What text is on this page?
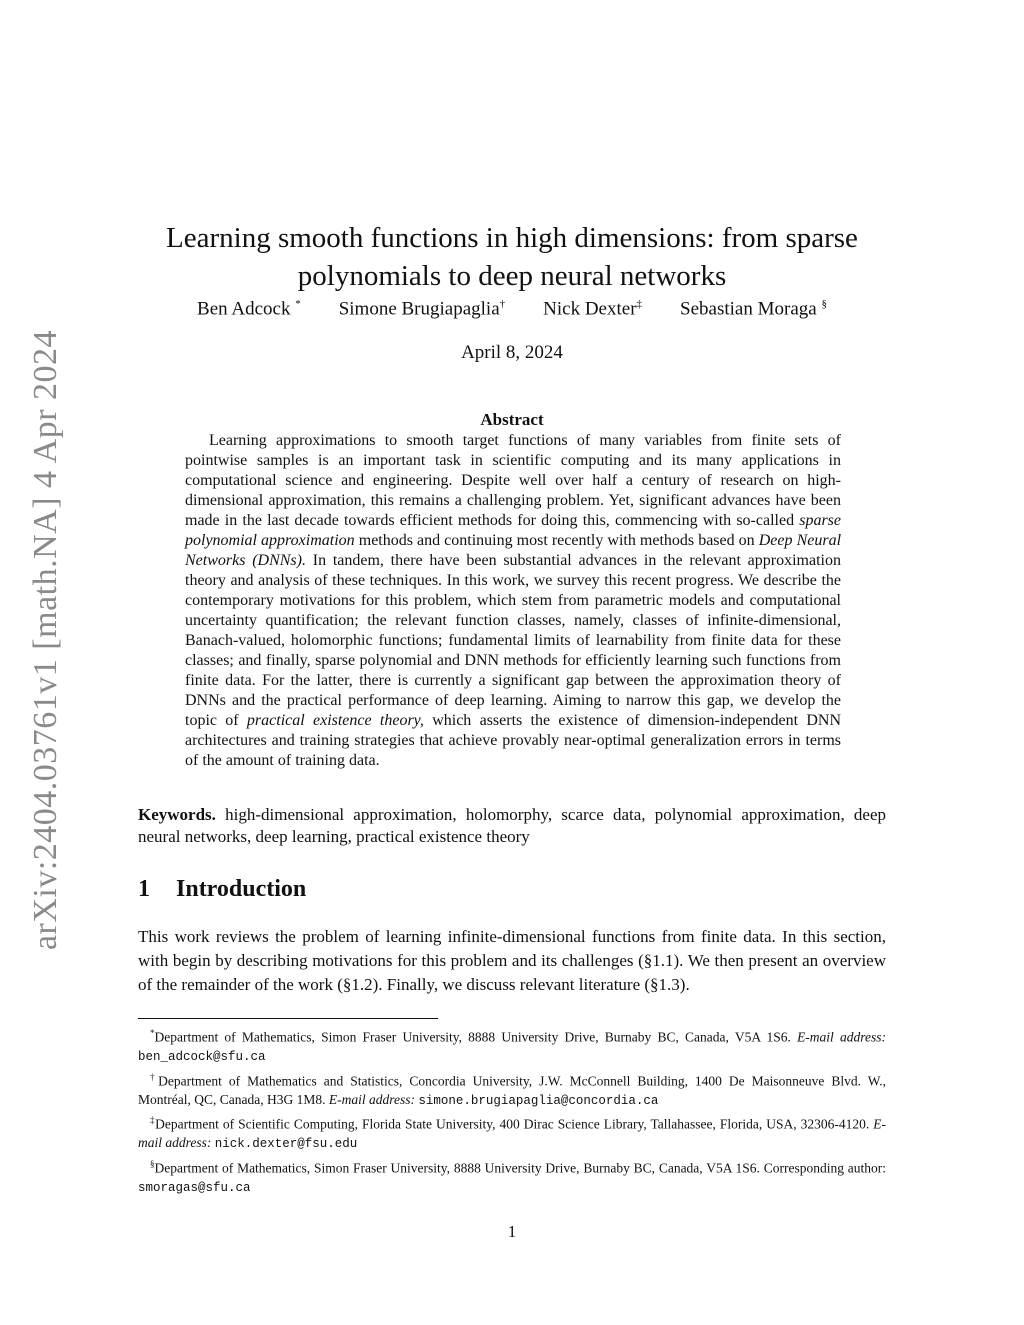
arXiv:2404.03761v1 [math.NA] 4 Apr 2024
Learning smooth functions in high dimensions: from sparse polynomials to deep neural networks
Ben Adcock * Simone Brugiapaglia† Nick Dexter‡ Sebastian Moraga §
April 8, 2024
Abstract

Learning approximations to smooth target functions of many variables from finite sets of pointwise samples is an important task in scientific computing and its many applications in computational science and engineering. Despite well over half a century of research on high-dimensional approximation, this remains a challenging problem. Yet, significant advances have been made in the last decade towards efficient methods for doing this, commencing with so-called sparse polynomial approximation methods and continuing most recently with methods based on Deep Neural Networks (DNNs). In tandem, there have been substantial advances in the relevant approximation theory and analysis of these techniques. In this work, we survey this recent progress. We describe the contemporary motivations for this problem, which stem from parametric models and computational uncertainty quantification; the relevant function classes, namely, classes of infinite-dimensional, Banach-valued, holomorphic functions; fundamental limits of learnability from finite data for these classes; and finally, sparse polynomial and DNN methods for efficiently learning such functions from finite data. For the latter, there is currently a significant gap between the approximation theory of DNNs and the practical performance of deep learning. Aiming to narrow this gap, we develop the topic of practical existence theory, which asserts the existence of dimension-independent DNN architectures and training strategies that achieve provably near-optimal generalization errors in terms of the amount of training data.

Keywords. high-dimensional approximation, holomorphy, scarce data, polynomial approximation, deep neural networks, deep learning, practical existence theory

1 Introduction

This work reviews the problem of learning infinite-dimensional functions from finite data. In this section, with begin by describing motivations for this problem and its challenges (§1.1). We then present an overview of the remainder of the work (§1.2). Finally, we discuss relevant literature (§1.3).

*Department of Mathematics, Simon Fraser University, 8888 University Drive, Burnaby BC, Canada, V5A 1S6. E-mail address: ben_adcock@sfu.ca

†Department of Mathematics and Statistics, Concordia University, J.W. McConnell Building, 1400 De Maisonneuve Blvd. W., Montréal, QC, Canada, H3G 1M8. E-mail address: simone.brugiapaglia@concordia.ca

‡Department of Scientific Computing, Florida State University, 400 Dirac Science Library, Tallahassee, Florida, USA, 32306-4120. E-mail address: nick.dexter@fsu.edu

§Department of Mathematics, Simon Fraser University, 8888 University Drive, Burnaby BC, Canada, V5A 1S6. Corresponding author: smoragas@sfu.ca

1
